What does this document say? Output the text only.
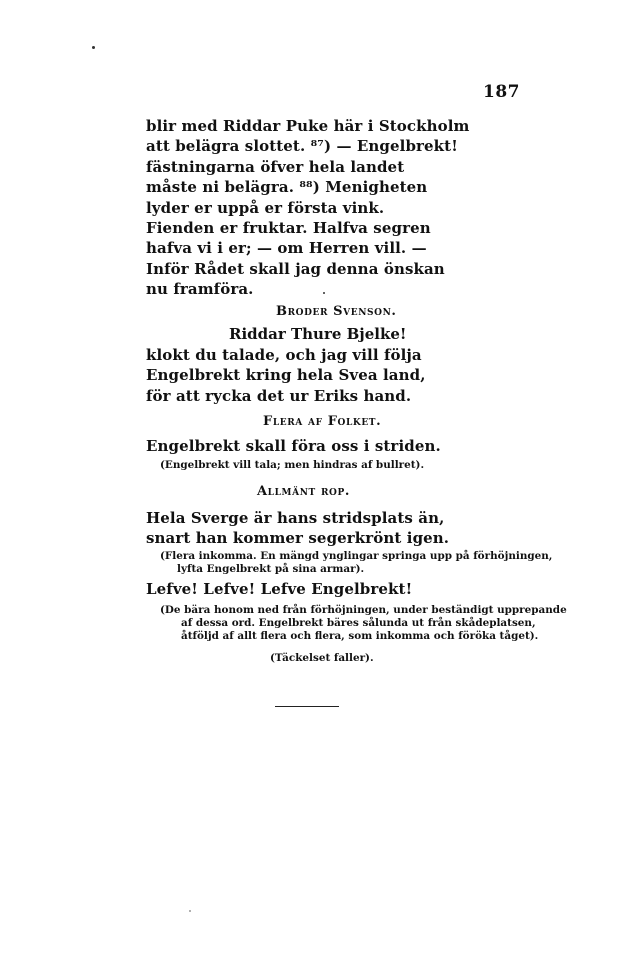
187
blir med Riddar Puke här i Stockholm
att belägra slottet. ⁸⁷) — Engelbrekt!
fästningarna öfver hela landet
måste ni belägra. ⁸⁸) Menigheten
lyder er uppå er första vink.
Fienden er fruktar. Halfva segren
hafva vi i er; — om Herren vill. —
Inför Rådet skall jag denna önskan
nu framföra.
Broder Svenson.
Riddar Thure Bjelke!
klokt du talade, och jag vill följa
Engelbrekt kring hela Svea land,
för att rycka det ur Eriks hand.
Flera af Folket.
Engelbrekt skall föra oss i striden.
(Engelbrekt vill tala; men hindras af bullret).
Allmänt rop.
Hela Sverge är hans stridsplats än,
snart han kommer segerkrönt igen.
(Flera inkomma. En mängd ynglingar springa upp på förhöjningen,
lyfta Engelbrekt på sina armar).
Lefve! Lefve! Lefve Engelbrekt!
(De bära honom ned från förhöjningen, under beständigt upprepande
af dessa ord. Engelbrekt bäres sålunda ut från skådeplatsen,
åtföljd af allt flera och flera, som inkomma och föröka tåget).
(Täckelset faller).
